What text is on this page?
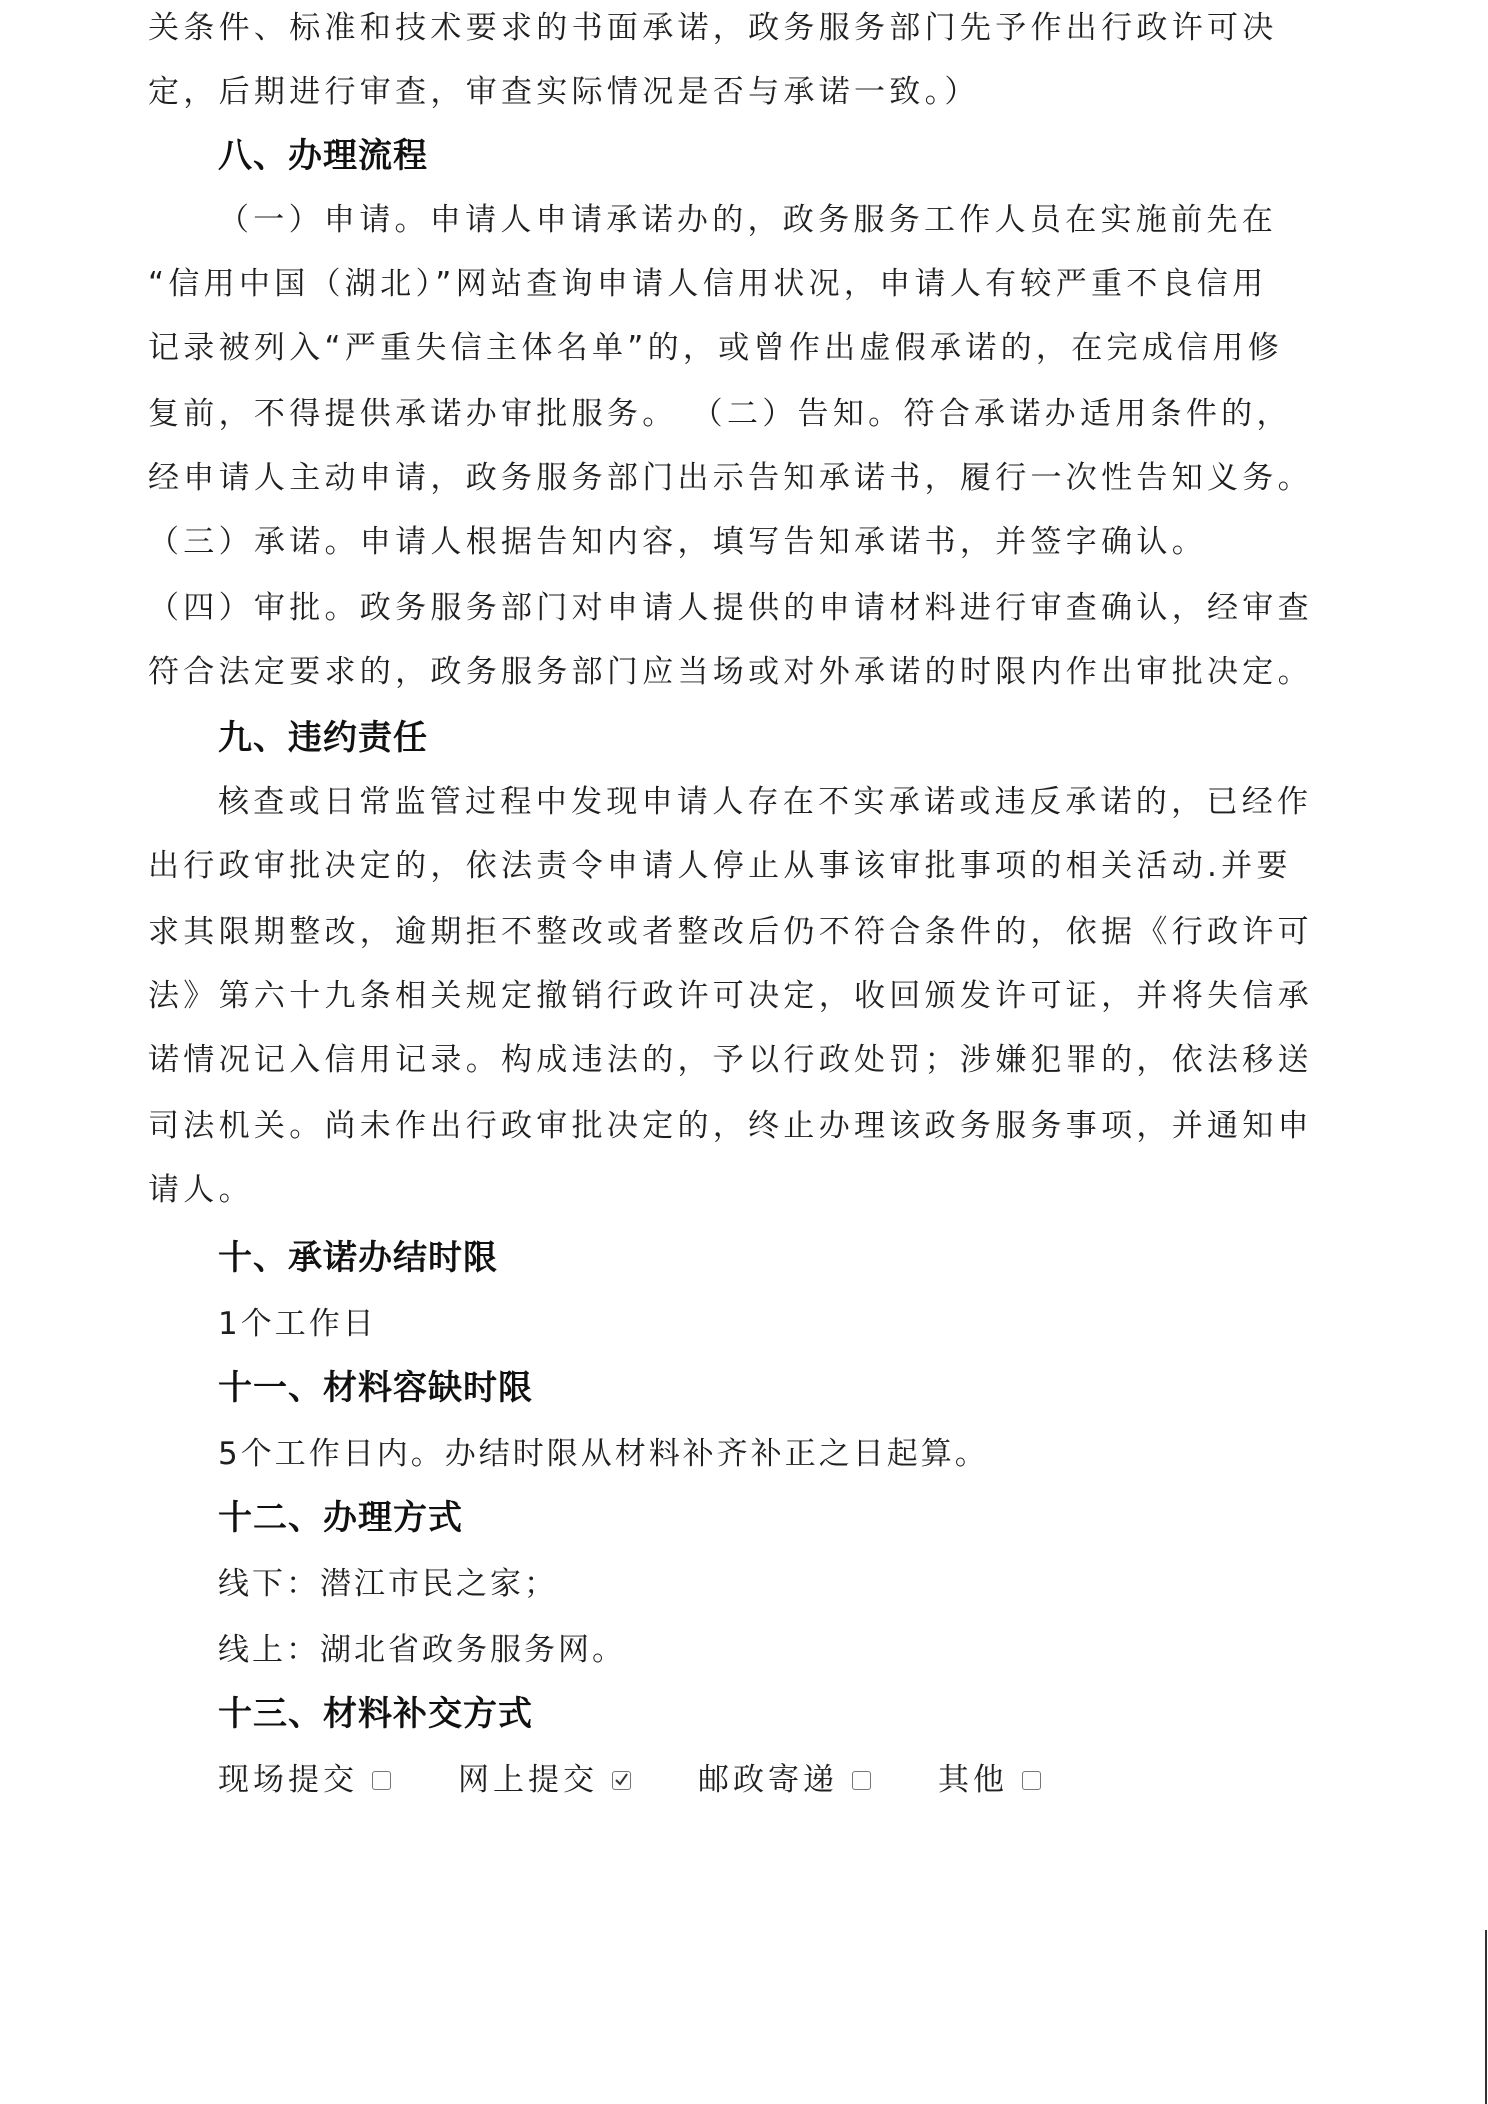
关条件、标准和技术要求的书面承诺，政务服务部门先予作出行政许可决
定，后期进行审查，审查实际情况是否与承诺一致。）
八、办理流程
（一）申请。申请人申请承诺办的，政务服务工作人员在实施前先在
“信用中国（湖北）”网站查询申请人信用状况，申请人有较严重不良信用
记录被列入“严重失信主体名单”的，或曾作出虚假承诺的，在完成信用修
复前，不得提供承诺办审批服务。 （二）告知。符合承诺办适用条件的，
经申请人主动申请，政务服务部门出示告知承诺书，履行一次性告知义务。
（三）承诺。申请人根据告知内容，填写告知承诺书，并签字确认。
（四）审批。政务服务部门对申请人提供的申请材料进行审查确认，经审查
符合法定要求的，政务服务部门应当场或对外承诺的时限内作出审批决定。
九、违约责任
核查或日常监管过程中发现申请人存在不实承诺或违反承诺的，已经作
出行政审批决定的，依法责令申请人停止从事该审批事项的相关活动.并要
求其限期整改，逾期拒不整改或者整改后仍不符合条件的，依据《行政许可
法》第六十九条相关规定撤销行政许可决定，收回颁发许可证，并将失信承
诺情况记入信用记录。构成违法的，予以行政处罚；涉嫌犯罪的，依法移送
司法机关。尚未作出行政审批决定的，终止办理该政务服务事项，并通知申
请人。
十、承诺办结时限
1个工作日
十一、材料容缺时限
5个工作日内。办结时限从材料补齐补正之日起算。
十二、办理方式
线下：潜江市民之家；
线上：湖北省政务服务网。
十三、材料补交方式
现场提交	网上提交	邮政寄递	其他
